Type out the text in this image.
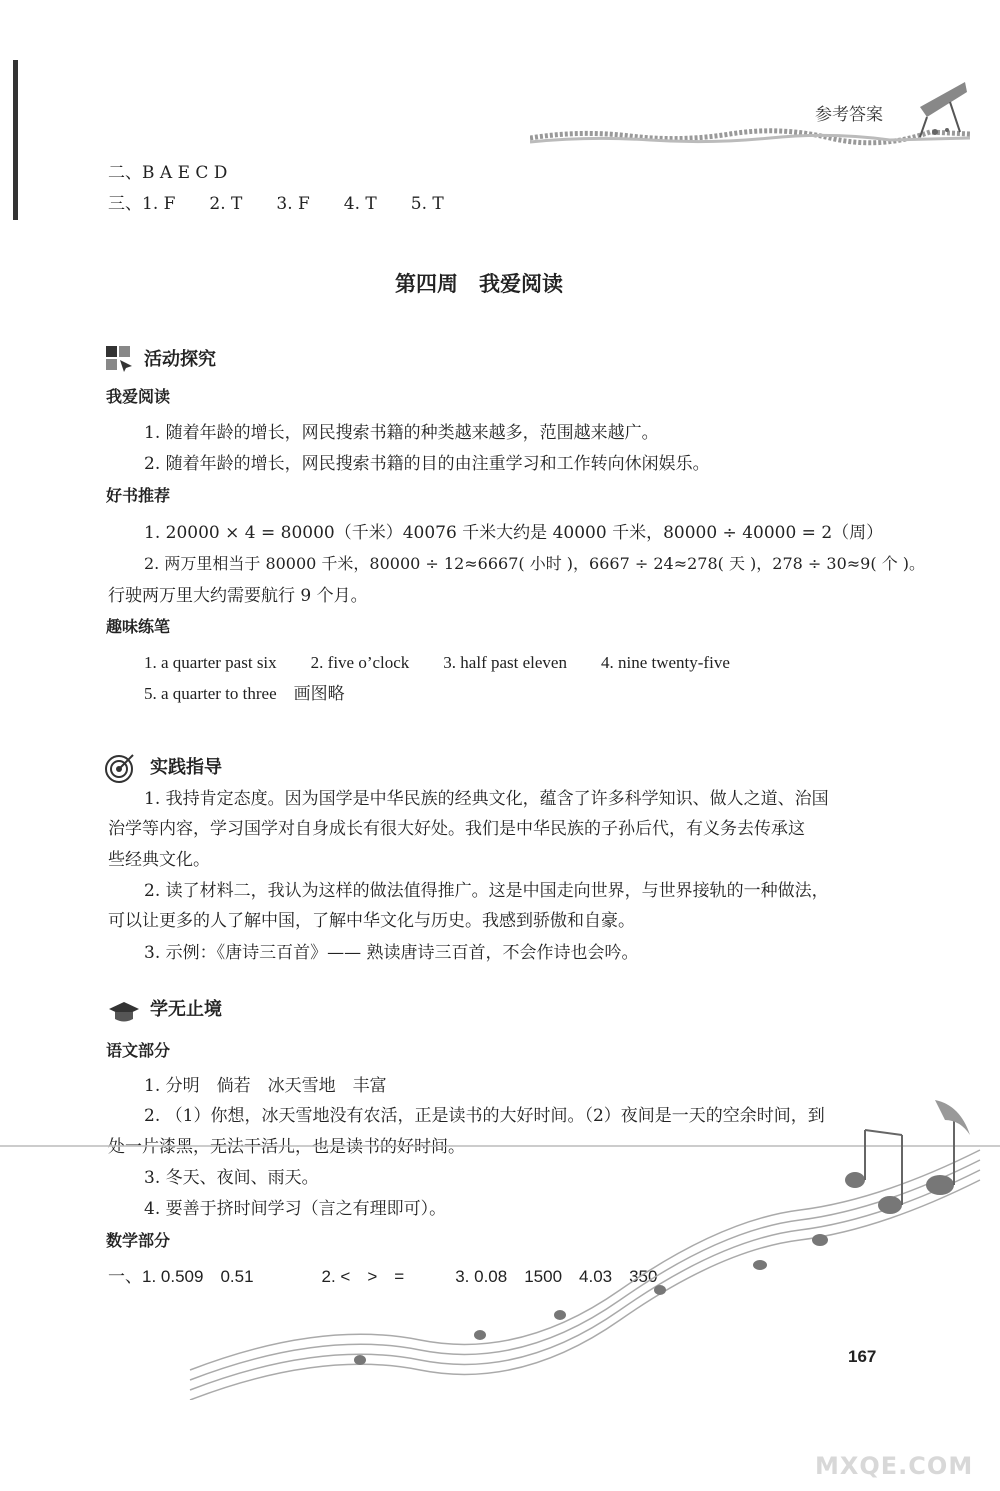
参考答案
二、B A E C D
三、1. F　　2. T　　3. F　　4. T　　5. T
第四周　我爱阅读
活动探究
我爱阅读
1. 随着年龄的增长，网民搜索书籍的种类越来越多，范围越来越广。
2. 随着年龄的增长，网民搜索书籍的目的由注重学习和工作转向休闲娱乐。
好书推荐
1. 20000 × 4 = 80000（千米）40076 千米大约是 40000 千米，80000 ÷ 40000 = 2（周）
2. 两万里相当于 80000 千米，80000 ÷ 12≈6667( 小时 )，6667 ÷ 24≈278( 天 )，278 ÷ 30≈9( 个 )。
行驶两万里大约需要航行 9 个月。
趣味练笔
1. a quarter past six　　2. five o’clock　　3. half past eleven　　4. nine twenty-five
5. a quarter to three　画图略
实践指导
1. 我持肯定态度。因为国学是中华民族的经典文化，蕴含了许多科学知识、做人之道、治国
治学等内容，学习国学对自身成长有很大好处。我们是中华民族的子孙后代，有义务去传承这
些经典文化。
2. 读了材料二，我认为这样的做法值得推广。这是中国走向世界，与世界接轨的一种做法，
可以让更多的人了解中国，了解中华文化与历史。我感到骄傲和自豪。
3. 示例：《唐诗三百首》—— 熟读唐诗三百首，不会作诗也会吟。
学无止境
语文部分
1. 分明　倘若　冰天雪地　丰富
2. （1）你想，冰天雪地没有农活，正是读书的大好时间。（2）夜间是一天的空余时间，到
处一片漆黑，无法干活儿，也是读书的好时间。
3. 冬天、夜间、雨天。
4. 要善于挤时间学习（言之有理即可）。
数学部分
一、1. 0.509　0.51　　　　2. <　>　=　　　3. 0.08　1500　4.03　350
167
MXQE.COM
